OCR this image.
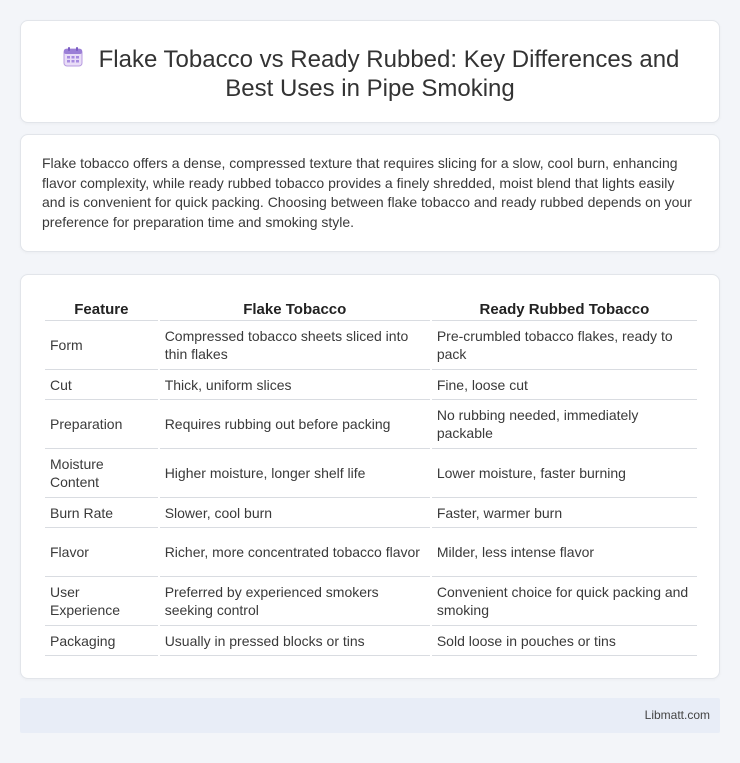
Flake Tobacco vs Ready Rubbed: Key Differences and
Best Uses in Pipe Smoking

Flake tobacco offers a dense, compressed texture that requires slicing for a slow, cool burn, enhancing flavor complexity, while ready rubbed tobacco provides a finely shredded, moist blend that lights easily and is convenient for quick packing. Choosing between flake tobacco and ready rubbed depends on your preference for preparation time and smoking style.

Feature	Flake Tobacco	Ready Rubbed Tobacco
Form	Compressed tobacco sheets sliced into thin flakes	Pre-crumbled tobacco flakes, ready to pack
Cut	Thick, uniform slices	Fine, loose cut
Preparation	Requires rubbing out before packing	No rubbing needed, immediately packable
Moisture Content	Higher moisture, longer shelf life	Lower moisture, faster burning
Burn Rate	Slower, cool burn	Faster, warmer burn
Flavor	Richer, more concentrated tobacco flavor	Milder, less intense flavor
User Experience	Preferred by experienced smokers seeking control	Convenient choice for quick packing and smoking
Packaging	Usually in pressed blocks or tins	Sold loose in pouches or tins
Libmatt.com
